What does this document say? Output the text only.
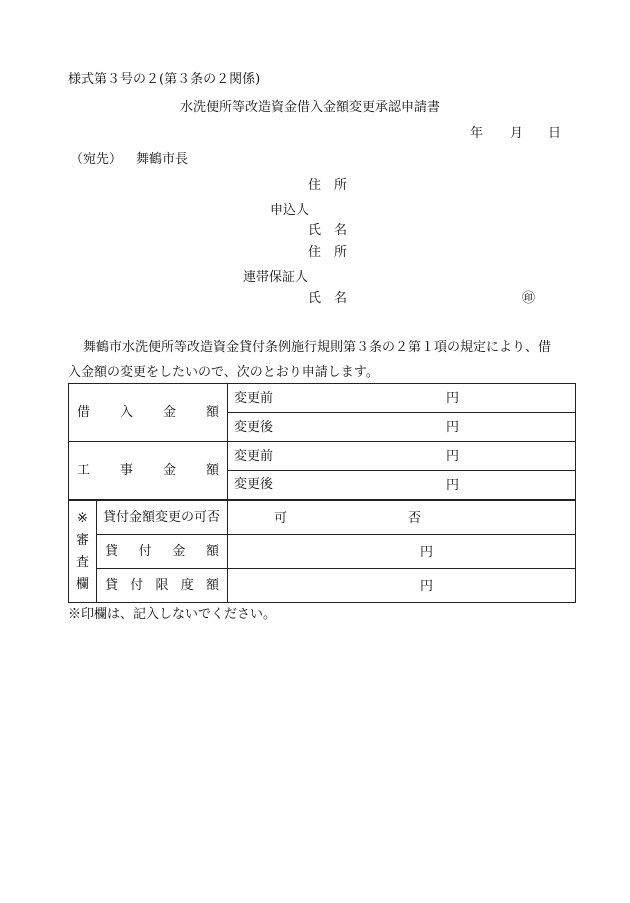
様式第３号の２(第３条の２関係)
水洗便所等改造資金借入金額変更承認申請書
年 月 日
（宛先） 舞鶴市長
住　所
申込人
氏　名
住　所
連帯保証人
氏　名	㊞
舞鶴市水洗便所等改造資金貸付条例施行規則第３条の２第１項の規定により、借
入金額の変更をしたいので、次のとおり申請します。
借 入 金 額		変更前 円

		変更後 円

工 事 金 額		変更前 円

		変更後 円

※
審
査
欄	貸付金額変更の可否	可 否

	貸 付 金 額	円

	貸 付 限 度 額	円
※印欄は、記入しないでください。
